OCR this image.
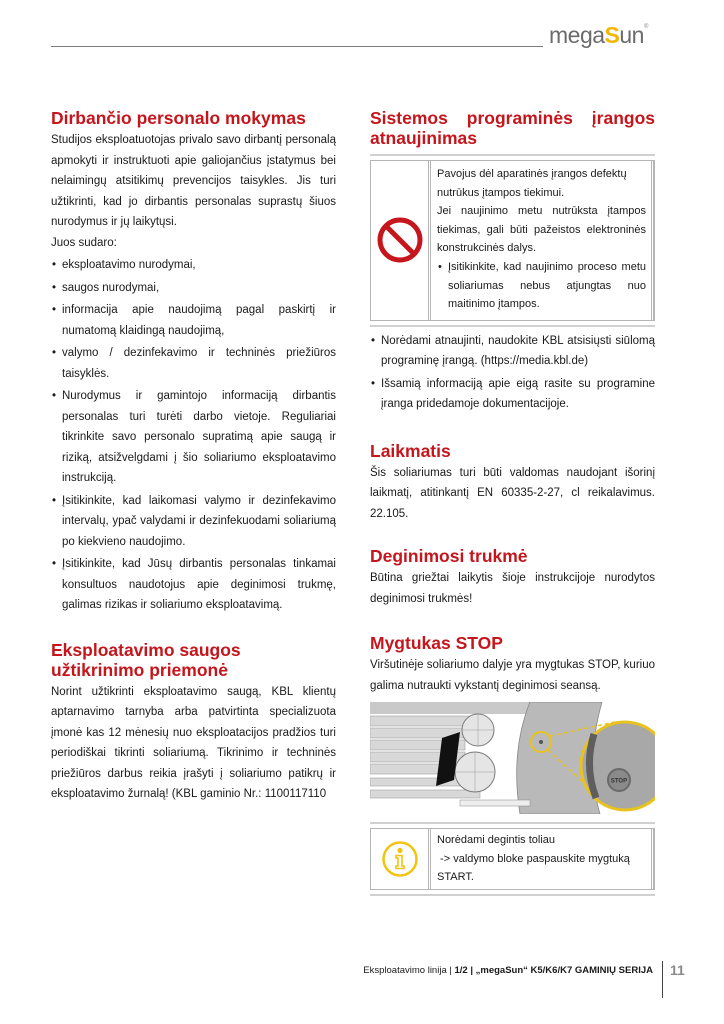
megaSun®
Dirbančio personalo mokymas

Studijos eksploatuotojas privalo savo dirbantį personalą apmokyti ir instruktuoti apie galiojančius įstatymus bei nelaimingų atsitikimų prevencijos taisykles. Jis turi užtikrinti, kad jo dirbantis personalas suprastų šiuos nurodymus ir jų laikytųsi.

Juos sudaro:

• eksploatavimo nurodymai,
• saugos nurodymai,
• informacija apie naudojimą pagal paskirtį ir numatomą klaidingą naudojimą,
• valymo / dezinfekavimo ir techninės priežiūros taisyklės.
• Nurodymus ir gamintojo informaciją dirbantis personalas turi turėti darbo vietoje. Reguliariai tikrinkite savo personalo supratimą apie saugą ir riziką, atsižvelgdami į šio soliariumo eksploatavimo instrukciją.
• Įsitikinkite, kad laikomasi valymo ir dezinfekavimo intervalų, ypač valydami ir dezinfekuodami soliariumą po kiekvieno naudojimo.
• Įsitikinkite, kad Jūsų dirbantis personalas tinkamai konsultuos naudotojus apie deginimosi trukmę, galimas rizikas ir soliariumo eksploatavimą.
Eksploatavimo saugos
užtikrinimo priemonė

Norint užtikrinti eksploatavimo saugą, KBL klientų aptarnavimo tarnyba arba patvirtinta specializuota įmonė kas 12 mėnesių nuo eksploatacijos pradžios turi periodiškai tikrinti soliariumą. Tikrinimo ir techninės priežiūros darbus reikia įrašyti į soliariumo patikrų ir eksploatavimo žurnalą! (KBL gaminio Nr.: 1100117110

Sistemos programinės įrangos
atnaujinimas

Pavojus dėl aparatinės įrangos defektų nutrūkus įtampos tiekimui.

Jei naujinimo metu nutrūksta įtampos tiekimas, gali būti pažeistos elektroninės konstrukcinės dalys.

• Įsitikinkite, kad naujinimo proceso metu soliariumas nebus atjungtas nuo maitinimo įtampos.
• Norėdami atnaujinti, naudokite KBL atsisiųsti siūlomą programinę įrangą. (https://media.kbl.de)
• Išsamią informaciją apie eigą rasite su programine įranga pridedamoje dokumentacijoje.
Laikmatis

Šis soliariumas turi būti valdomas naudojant išorinį laikmatį, atitinkantį EN 60335-2-27, cl reikalavimus. 22.105.

Deginimosi trukmė

Būtina griežtai laikytis šioje instrukcijoje nurodytos deginimosi trukmės!

Mygtukas STOP

Viršutinėje soliariumo dalyje yra mygtukas STOP, kuriuo galima nutraukti vykstantį deginimosi seansą.

STOP

Norėdami degintis toliau

-> valdymo bloke paspauskite mygtuką

START.

Eksploatavimo linija | 1/2 | „megaSun“ K5/K6/K7 GAMINIŲ SERIJA 11
